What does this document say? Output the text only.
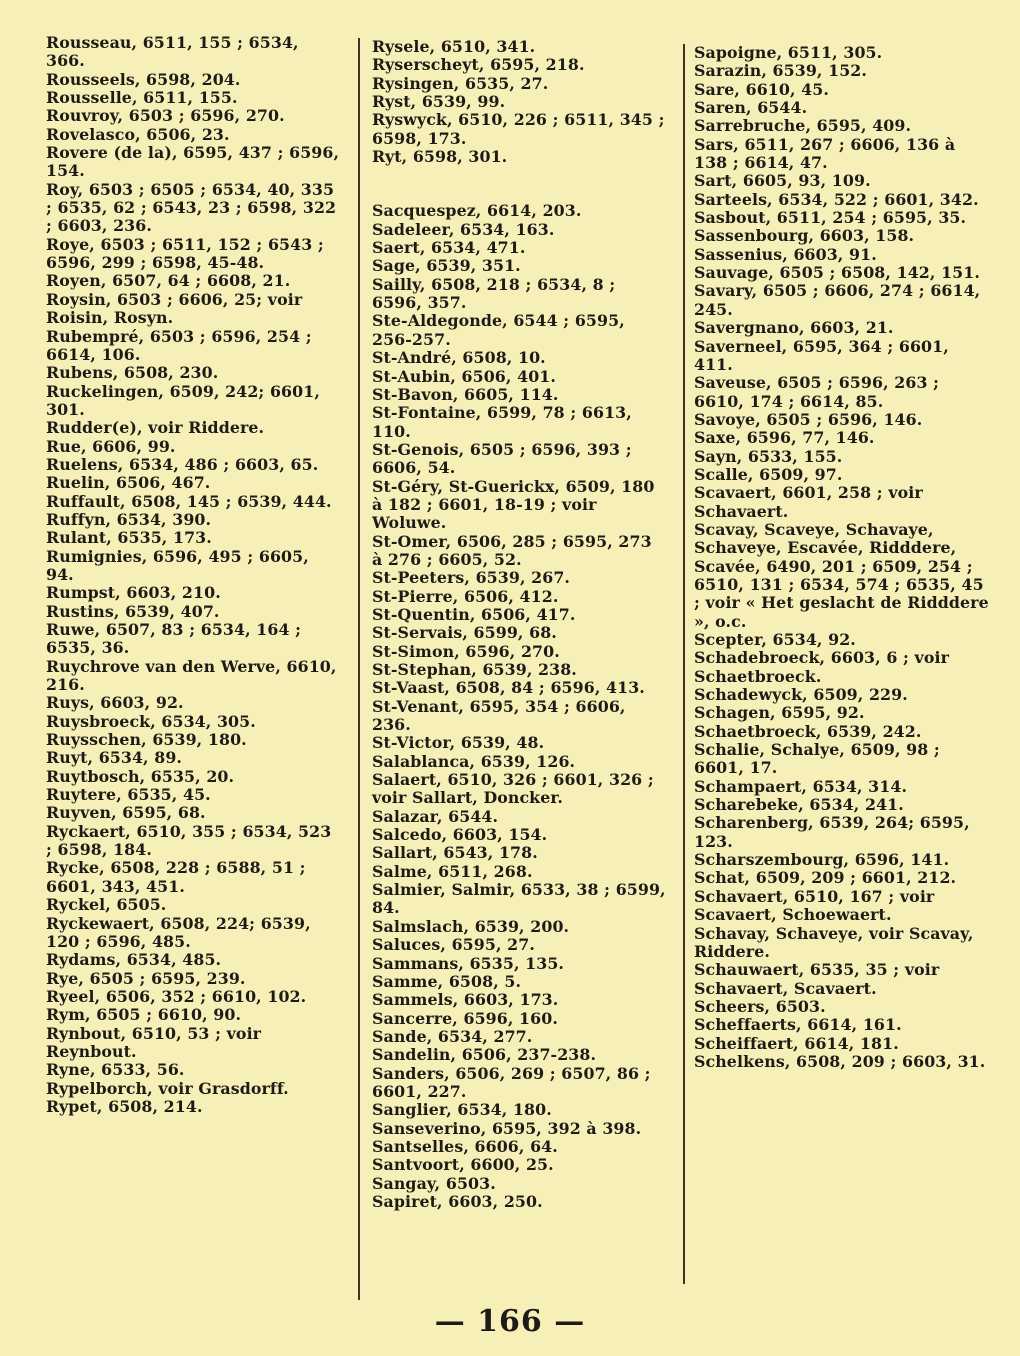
Rousseau, 6511, 155 ; 6534, 366.
Rousseels, 6598, 204.
Rousselle, 6511, 155.
Rouvroy, 6503 ; 6596, 270.
Rovelasco, 6506, 23.
Rovere (de la), 6595, 437 ; 6596, 154.
Roy, 6503 ; 6505 ; 6534, 40, 335 ; 6535, 62 ; 6543, 23 ; 6598, 322 ; 6603, 236.
Roye, 6503 ; 6511, 152 ; 6543 ; 6596, 299 ; 6598, 45-48.
Royen, 6507, 64 ; 6608, 21.
Roysin, 6503 ; 6606, 25; voir Roisin, Rosyn.
Rubempré, 6503 ; 6596, 254 ; 6614, 106.
Rubens, 6508, 230.
Ruckelingen, 6509, 242; 6601, 301.
Rudder(e), voir Riddere.
Rue, 6606, 99.
Ruelens, 6534, 486 ; 6603, 65.
Ruelin, 6506, 467.
Ruffault, 6508, 145 ; 6539, 444.
Ruffyn, 6534, 390.
Rulant, 6535, 173.
Rumignies, 6596, 495 ; 6605, 94.
Rumpst, 6603, 210.
Rustins, 6539, 407.
Ruwe, 6507, 83 ; 6534, 164 ; 6535, 36.
Ruychrove van den Werve, 6610, 216.
Ruys, 6603, 92.
Ruysbroeck, 6534, 305.
Ruysschen, 6539, 180.
Ruyt, 6534, 89.
Ruytbosch, 6535, 20.
Ruytere, 6535, 45.
Ruyven, 6595, 68.
Ryckaert, 6510, 355 ; 6534, 523 ; 6598, 184.
Rycke, 6508, 228 ; 6588, 51 ; 6601, 343, 451.
Ryckel, 6505.
Ryckewaert, 6508, 224; 6539, 120 ; 6596, 485.
Rydams, 6534, 485.
Rye, 6505 ; 6595, 239.
Ryeel, 6506, 352 ; 6610, 102.
Rym, 6505 ; 6610, 90.
Rynbout, 6510, 53 ; voir Reynbout.
Ryne, 6533, 56.
Rypelborch, voir Grasdorff.
Rypet, 6508, 214.
Rysele, 6510, 341.
Ryserscheyt, 6595, 218.
Rysingen, 6535, 27.
Ryst, 6539, 99.
Ryswyck, 6510, 226 ; 6511, 345 ; 6598, 173.
Ryt, 6598, 301.
Sacquespez, 6614, 203.
Sadeleer, 6534, 163.
Saert, 6534, 471.
Sage, 6539, 351.
Sailly, 6508, 218 ; 6534, 8 ; 6596, 357.
Ste-Aldegonde, 6544 ; 6595, 256-257.
St-André, 6508, 10.
St-Aubin, 6506, 401.
St-Bavon, 6605, 114.
St-Fontaine, 6599, 78 ; 6613, 110.
St-Genois, 6505 ; 6596, 393 ; 6606, 54.
St-Géry, St-Guerickx, 6509, 180 à 182 ; 6601, 18-19 ; voir Woluwe.
St-Omer, 6506, 285 ; 6595, 273 à 276 ; 6605, 52.
St-Peeters, 6539, 267.
St-Pierre, 6506, 412.
St-Quentin, 6506, 417.
St-Servais, 6599, 68.
St-Simon, 6596, 270.
St-Stephan, 6539, 238.
St-Vaast, 6508, 84 ; 6596, 413.
St-Venant, 6595, 354 ; 6606, 236.
St-Victor, 6539, 48.
Salablanca, 6539, 126.
Salaert, 6510, 326 ; 6601, 326 ; voir Sallart, Doncker.
Salazar, 6544.
Salcedo, 6603, 154.
Sallart, 6543, 178.
Salme, 6511, 268.
Salmier, Salmir, 6533, 38 ; 6599, 84.
Salmslach, 6539, 200.
Saluces, 6595, 27.
Sammans, 6535, 135.
Samme, 6508, 5.
Sammels, 6603, 173.
Sancerre, 6596, 160.
Sande, 6534, 277.
Sandelin, 6506, 237-238.
Sanders, 6506, 269 ; 6507, 86 ; 6601, 227.
Sanglier, 6534, 180.
Sanseverino, 6595, 392 à 398.
Santselles, 6606, 64.
Santvoort, 6600, 25.
Sangay, 6503.
Sapiret, 6603, 250.
Sapoigne, 6511, 305.
Sarazin, 6539, 152.
Sare, 6610, 45.
Saren, 6544.
Sarrebruche, 6595, 409.
Sars, 6511, 267 ; 6606, 136 à 138 ; 6614, 47.
Sart, 6605, 93, 109.
Sarteels, 6534, 522 ; 6601, 342.
Sasbout, 6511, 254 ; 6595, 35.
Sassenbourg, 6603, 158.
Sassenius, 6603, 91.
Sauvage, 6505 ; 6508, 142, 151.
Savary, 6505 ; 6606, 274 ; 6614, 245.
Savergnano, 6603, 21.
Saverneel, 6595, 364 ; 6601, 411.
Saveuse, 6505 ; 6596, 263 ; 6610, 174 ; 6614, 85.
Savoye, 6505 ; 6596, 146.
Saxe, 6596, 77, 146.
Sayn, 6533, 155.
Scalle, 6509, 97.
Scavaert, 6601, 258 ; voir Schavaert.
Scavay, Scaveye, Schavaye, Schaveye, Escavée, Ridddere, Scavée, 6490, 201 ; 6509, 254 ; 6510, 131 ; 6534, 574 ; 6535, 45 ; voir « Het geslacht de Ridddere », o.c.
Scepter, 6534, 92.
Schadebroeck, 6603, 6 ; voir Schaetbroeck.
Schadewyck, 6509, 229.
Schagen, 6595, 92.
Schaetbroeck, 6539, 242.
Schalie, Schalye, 6509, 98 ; 6601, 17.
Schampaert, 6534, 314.
Scharebeke, 6534, 241.
Scharenberg, 6539, 264; 6595, 123.
Scharszembourg, 6596, 141.
Schat, 6509, 209 ; 6601, 212.
Schavaert, 6510, 167 ; voir Scavaert, Schoewaert.
Schavay, Schaveye, voir Scavay, Riddere.
Schauwaert, 6535, 35 ; voir Schavaert, Scavaert.
Scheers, 6503.
Scheffaerts, 6614, 161.
Scheiffaert, 6614, 181.
Schelkens, 6508, 209 ; 6603, 31.
— 166 —
